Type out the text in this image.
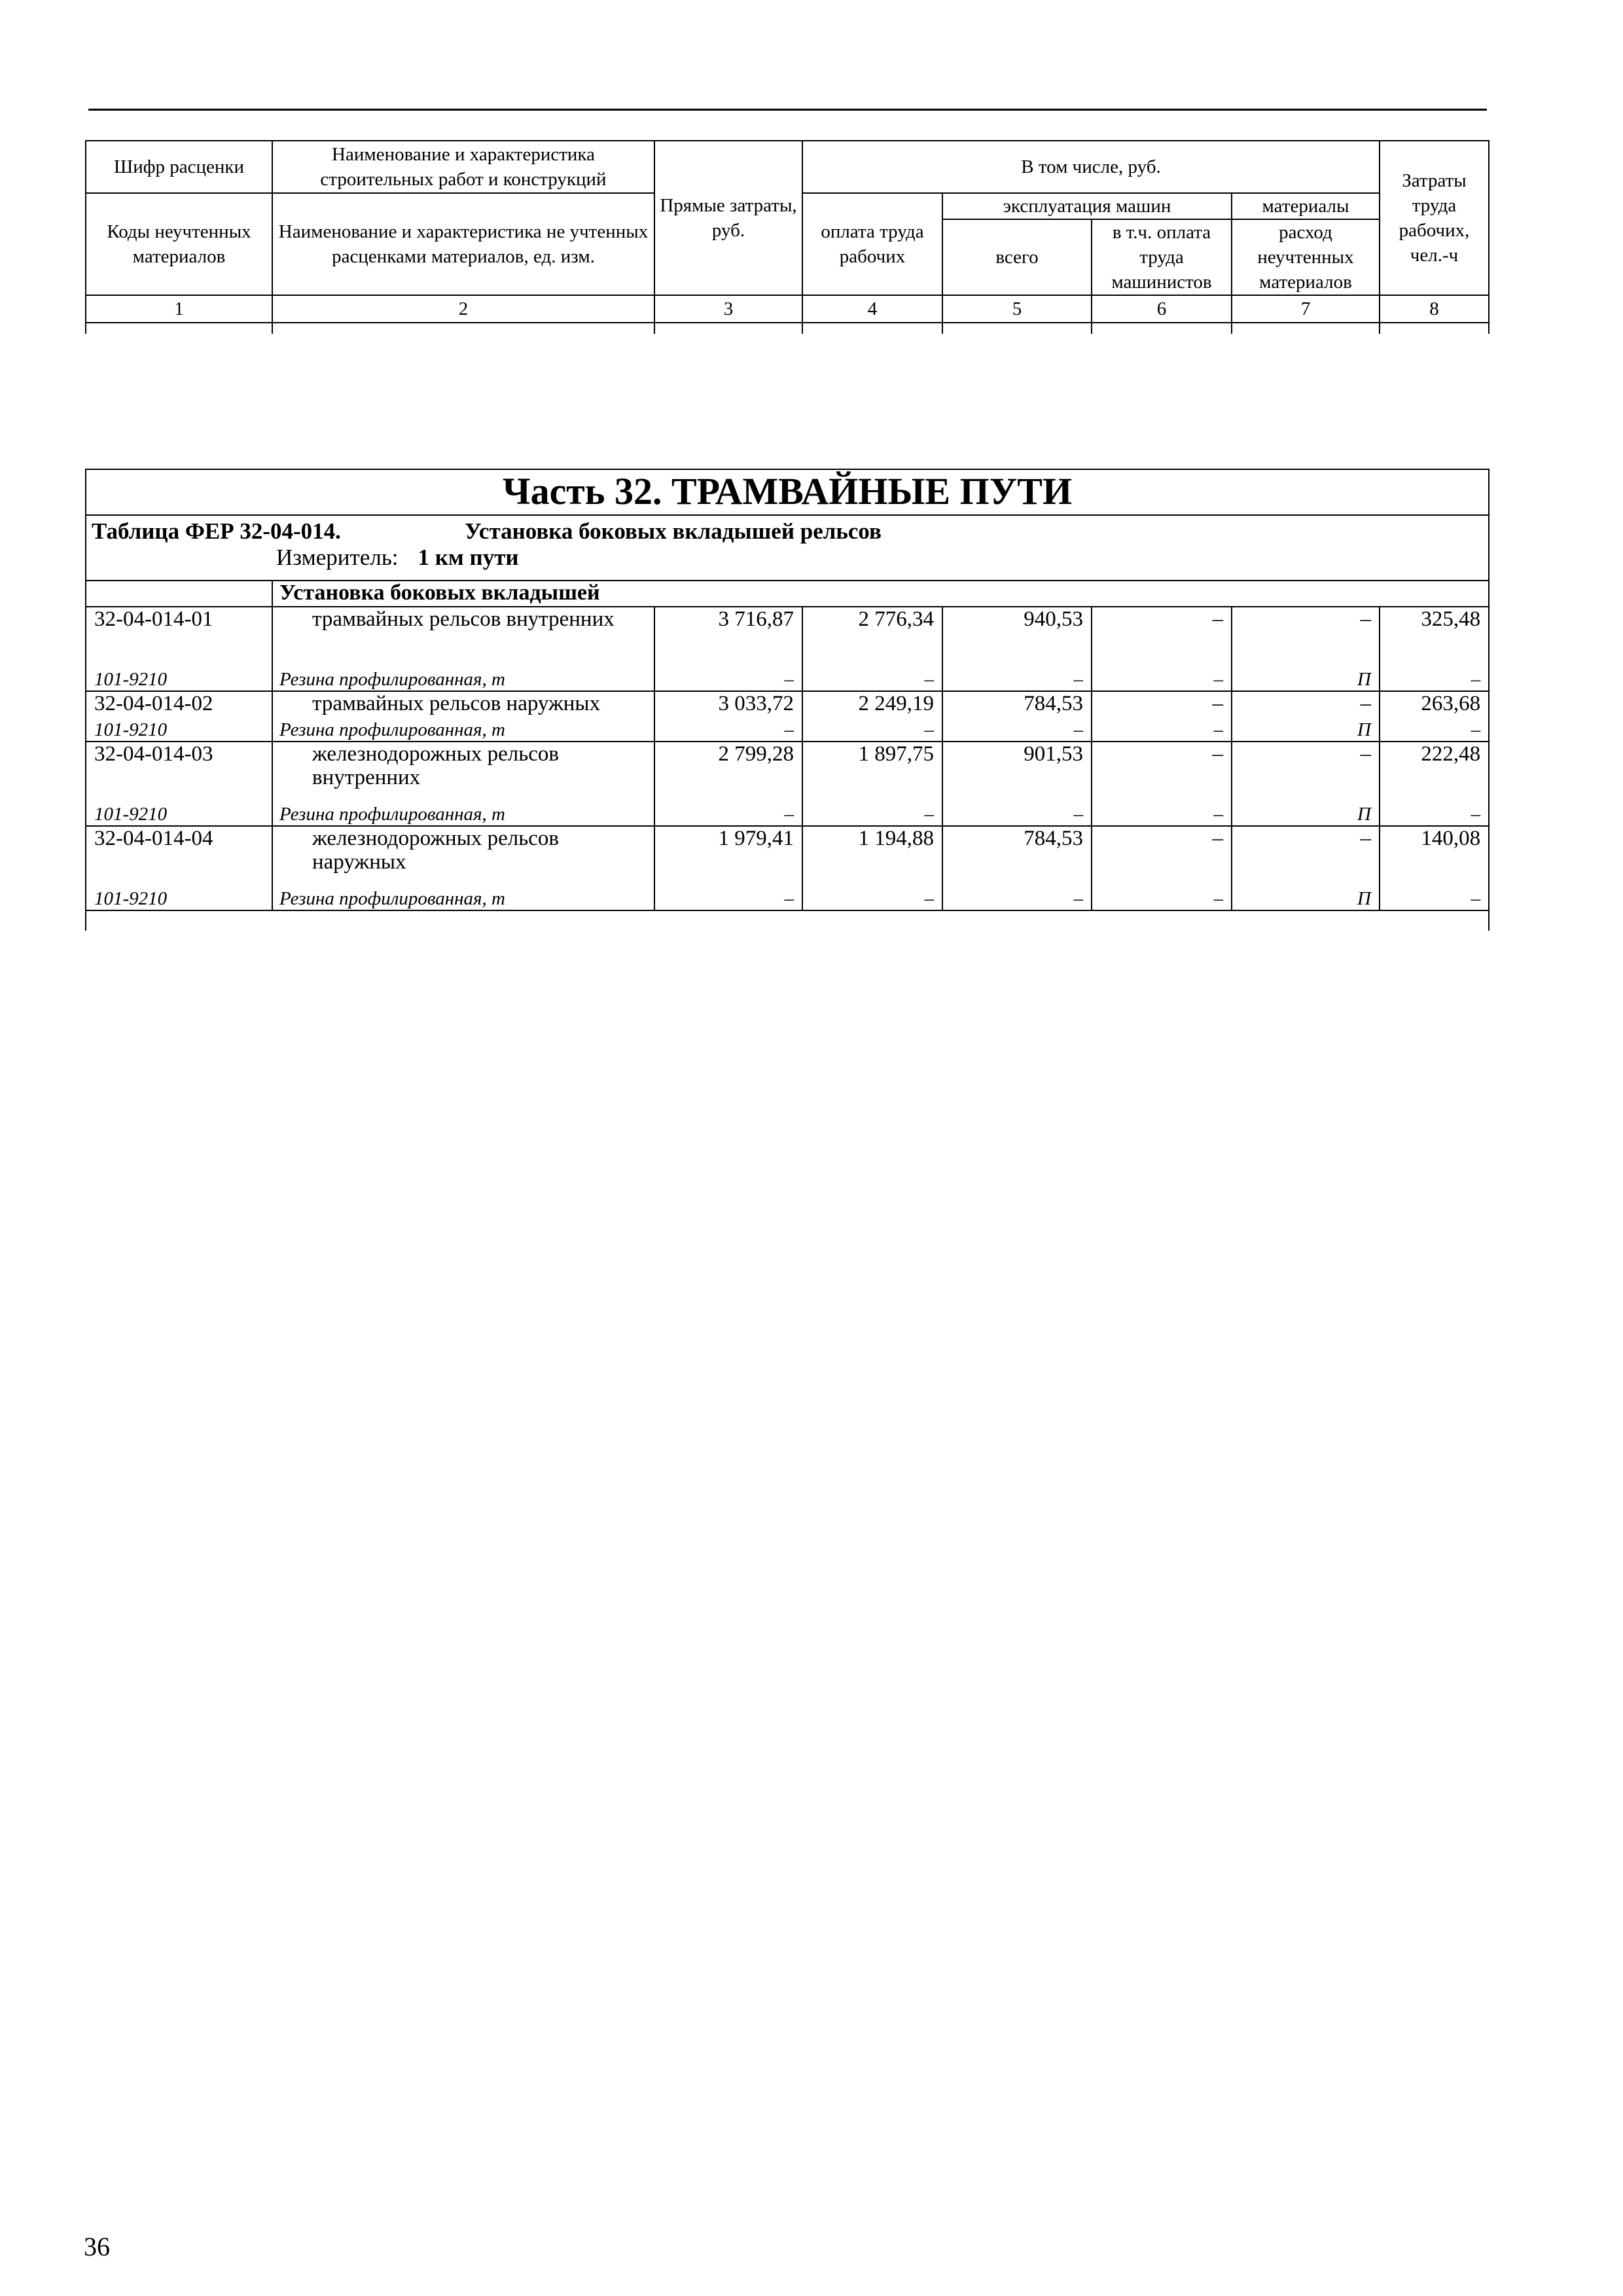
Шифр расценки	Наименование и характеристика строительных работ и конструкций	Прямые затраты, руб.	В том числе, руб.				Затраты труда рабочих, чел.-ч
Коды неучтенных материалов	Наименование и характеристика не учтенных расценками материалов, ед. изм.		оплата труда рабочих	эксплуатация машин		материалы	
				всего	в т.ч. оплата труда машинистов	расход неучтенных материалов	
1	2	3	4	5	6	7	8

Часть 32. ТРАМВАЙНЫЕ ПУТИ							
Таблица ФЕР 32-04-014. Установка боковых вкладышей рельсов
Измеритель: 1 км пути							
	Установка боковых вкладышей						
32-04-014-01	трамвайных рельсов внутренних	3 716,87	2 776,34	940,53	–	–	325,48
101-9210	Резина профилированная, т	–	–	–	–	П	–
32-04-014-02	трамвайных рельсов наружных	3 033,72	2 249,19	784,53	–	–	263,68
101-9210	Резина профилированная, т	–	–	–	–	П	–
32-04-014-03	железнодорожных рельсов внутренних	2 799,28	1 897,75	901,53	–	–	222,48
101-9210	Резина профилированная, т	–	–	–	–	П	–
32-04-014-04	железнодорожных рельсов наружных	1 979,41	1 194,88	784,53	–	–	140,08
101-9210	Резина профилированная, т	–	–	–	–	П	–

36
